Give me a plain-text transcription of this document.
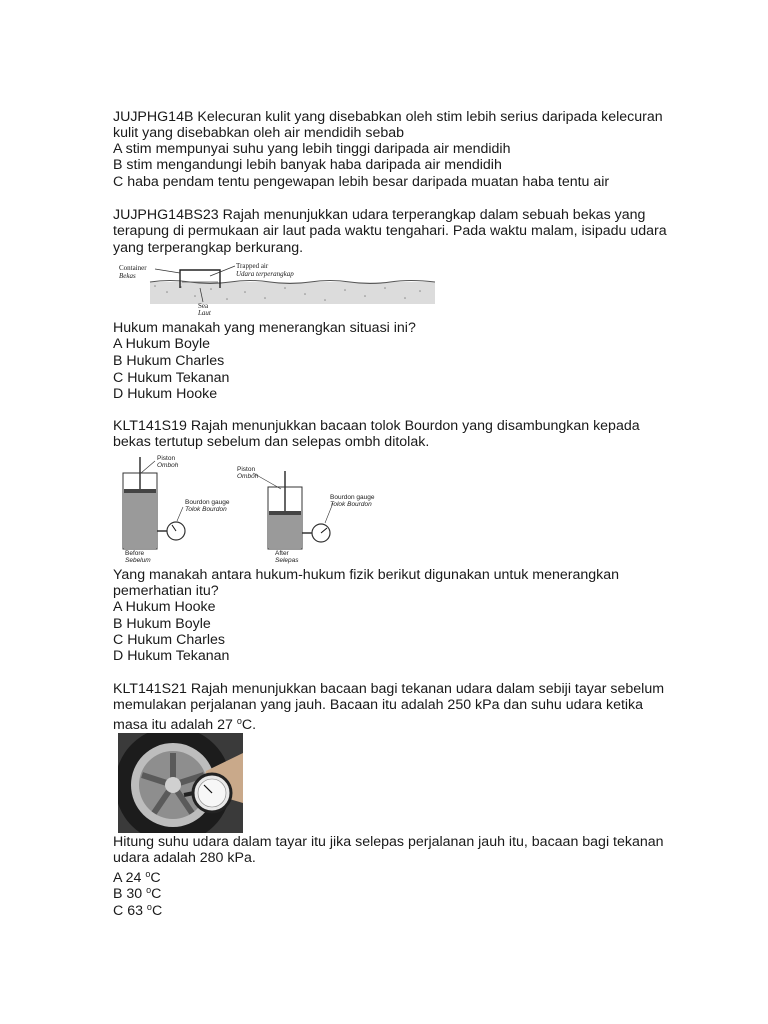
JUJPHG14B Kelecuran kulit yang disebabkan oleh stim lebih serius daripada kelecuran

kulit yang disebabkan oleh air mendidih sebab

A stim mempunyai suhu yang lebih tinggi daripada air mendidih

B stim mengandungi lebih banyak haba daripada air mendidih

C haba pendam tentu pengewapan lebih besar daripada muatan haba tentu air

JUJPHG14BS23 Rajah menunjukkan udara terperangkap dalam sebuah bekas yang

terapung di permukaan air laut pada waktu tengahari. Pada waktu malam, isipadu udara

yang terperangkap berkurang.

Container
Bekas
Trapped air
Udara terperangkap
Sea
Laut

Hukum manakah yang menerangkan situasi ini?

A Hukum Boyle

B Hukum Charles

C Hukum Tekanan

D Hukum Hooke

KLT141S19 Rajah menunjukkan bacaan tolok Bourdon yang disambungkan kepada

bekas tertutup sebelum dan selepas ombh ditolak.

Piston
Omboh
Bourdon gauge
Tolok Bourdon
Before
Sebelum
Piston
Omboh
Bourdon gauge
Tolok Bourdon
After
Selepas

Yang manakah antara hukum-hukum fizik berikut digunakan untuk menerangkan

pemerhatian itu?

A Hukum Hooke

B Hukum Boyle

C Hukum Charles

D Hukum Tekanan

KLT141S21 Rajah menunjukkan bacaan bagi tekanan udara dalam sebiji tayar sebelum

memulakan perjalanan yang jauh. Bacaan itu adalah 250 kPa dan suhu udara ketika

masa itu adalah 27 $^o$C.

Hitung suhu udara dalam tayar itu jika selepas perjalanan jauh itu, bacaan bagi tekanan

udara adalah 280 kPa.

A 24 $^o$C

B 30 $^o$C

C 63 $^o$C
